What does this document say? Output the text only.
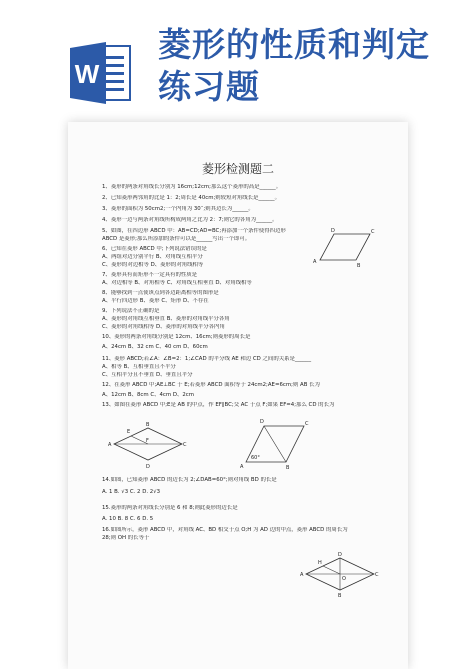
W
菱形的性质和判定
练习题
菱形检测题二
1、菱形的两条对角线长分别为 16cm;12cm;那么这个菱形的高是______。
2、已知菱形两邻角的比是 1：2;周长是 40cm;则较短对角线长是______。
3、菱形的面积为 50cm2;一个内角为 30˚;则其边长为______。
4、菱形一边与两条对角线所构成两角之比为 2：7;则它的各角为______。
5、如图，在四边形 ABCD 中：AB=CD;AD=BC;再添加一个条件使得四边形
ABCD 是菱形;那么所添加的条件可以是______写出一个即可。
6、已知在菱形 ABCD 中;下列说法错误的是
A、两组对边分别平行 B、对角线互相平分
C、菱形的对边相等 D、菱形的对角线相等
7、菱形具有而矩形不一定具有的性质是
A、对边相等 B、对角相等 C、对角线互相垂直 D、对角线相等
8、能够找到一点使该点到各边距离相等的图形是
A、平行四边形 B、菱形 C、矩形 D、不存在
9、下列说法不正确的是
A、菱形的对角线互相垂直 B、菱形的对角线平分各角
C、菱形的对角线相等 D、菱形的对角线平分各内角
10、菱形的两条对角线分别是 12cm、16cm;则菱形的周长是
A、24cm B、32 cm C、40 cm D、60cm
11、菱形 ABCD;若∠A：∠B=2：1;∠CAD 的平分线 AE 和边 CD 之间的关系是______
A、相等 B、互相垂直且不平分
C、互相平分且不垂直 D、垂直且平分
12、在菱形 ABCD 中;AE⊥BC 于 E;若菱形 ABCD 面积等于 24cm2;AE=6cm;则 AB 长为
A、12cm B、8cm C、4cm D、2cm
13、如图在菱形 ABCD 中;E是 AB 的中点，作 EF∥BC;交 AC 于点 F;如果 EF=4;那么 CD 的长为
14.如图，已知菱形 ABCD 的边长为 2;∠DAB=60°;则对角线 BD 的长是
A. 1 B. √3 C. 2 D. 2√3
15.菱形的两条对角线长分别是 6 和 8;则此菱形的边长是
A. 10 B. 8 C. 6 D. 5
16.如图所示，菱形 ABCD 中，对角线 AC、BD 相交于点 O;H 为 AD 边的中点，菱形 ABCD 的周长为
28;则 OH 的长等于
D	C
A
B
A
E
F
B
D
C
D	C
A
60°
B
D
H
A
O
C
B
